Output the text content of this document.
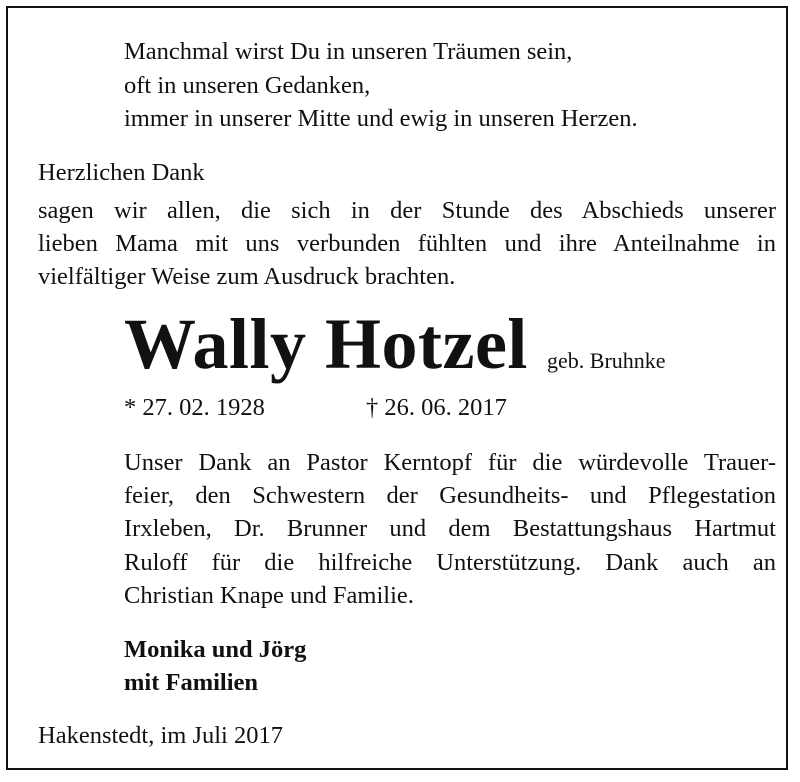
Manchmal wirst Du in unseren Träumen sein,
oft in unseren Gedanken,
immer in unserer Mitte und ewig in unseren Herzen.
Herzlichen Dank
sagen wir allen, die sich in der Stunde des Abschieds unserer
lieben Mama mit uns verbunden fühlten und ihre Anteilnahme in
vielfältiger Weise zum Ausdruck brachten.
Wally Hotzel geb. Bruhnke
* 27. 02. 1928	† 26. 06. 2017
Unser Dank an Pastor Kerntopf für die würdevolle Trauer-
feier, den Schwestern der Gesundheits- und Pflegestation
Irxleben, Dr. Brunner und dem Bestattungshaus Hartmut
Ruloff für die hilfreiche Unterstützung. Dank auch an
Christian Knape und Familie.
Monika und Jörg
mit Familien
Hakenstedt, im Juli 2017
